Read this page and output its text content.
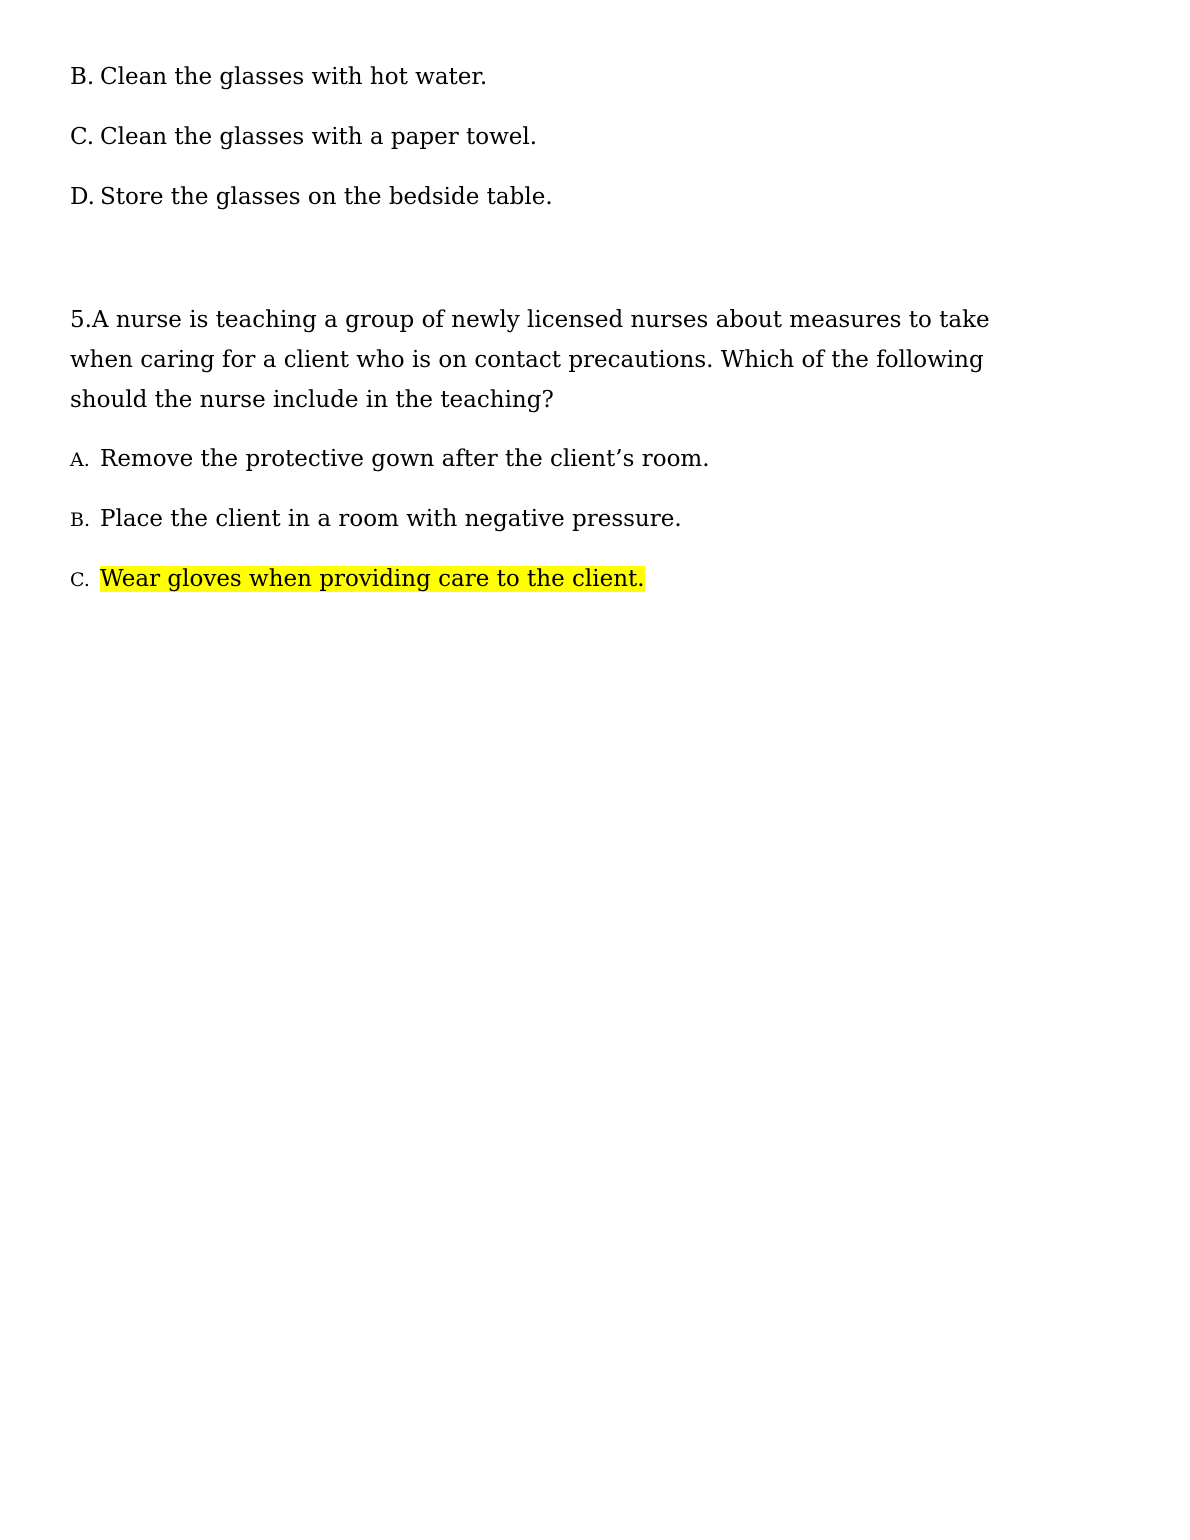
B. Clean the glasses with hot water.
C. Clean the glasses with a paper towel.
D. Store the glasses on the bedside table.
5.A nurse is teaching a group of newly licensed nurses about measures to take when caring for a client who is on contact precautions. Which of the following should the nurse include in the teaching?
A. Remove the protective gown after the client’s room.
B. Place the client in a room with negative pressure.
C. Wear gloves when providing care to the client.
